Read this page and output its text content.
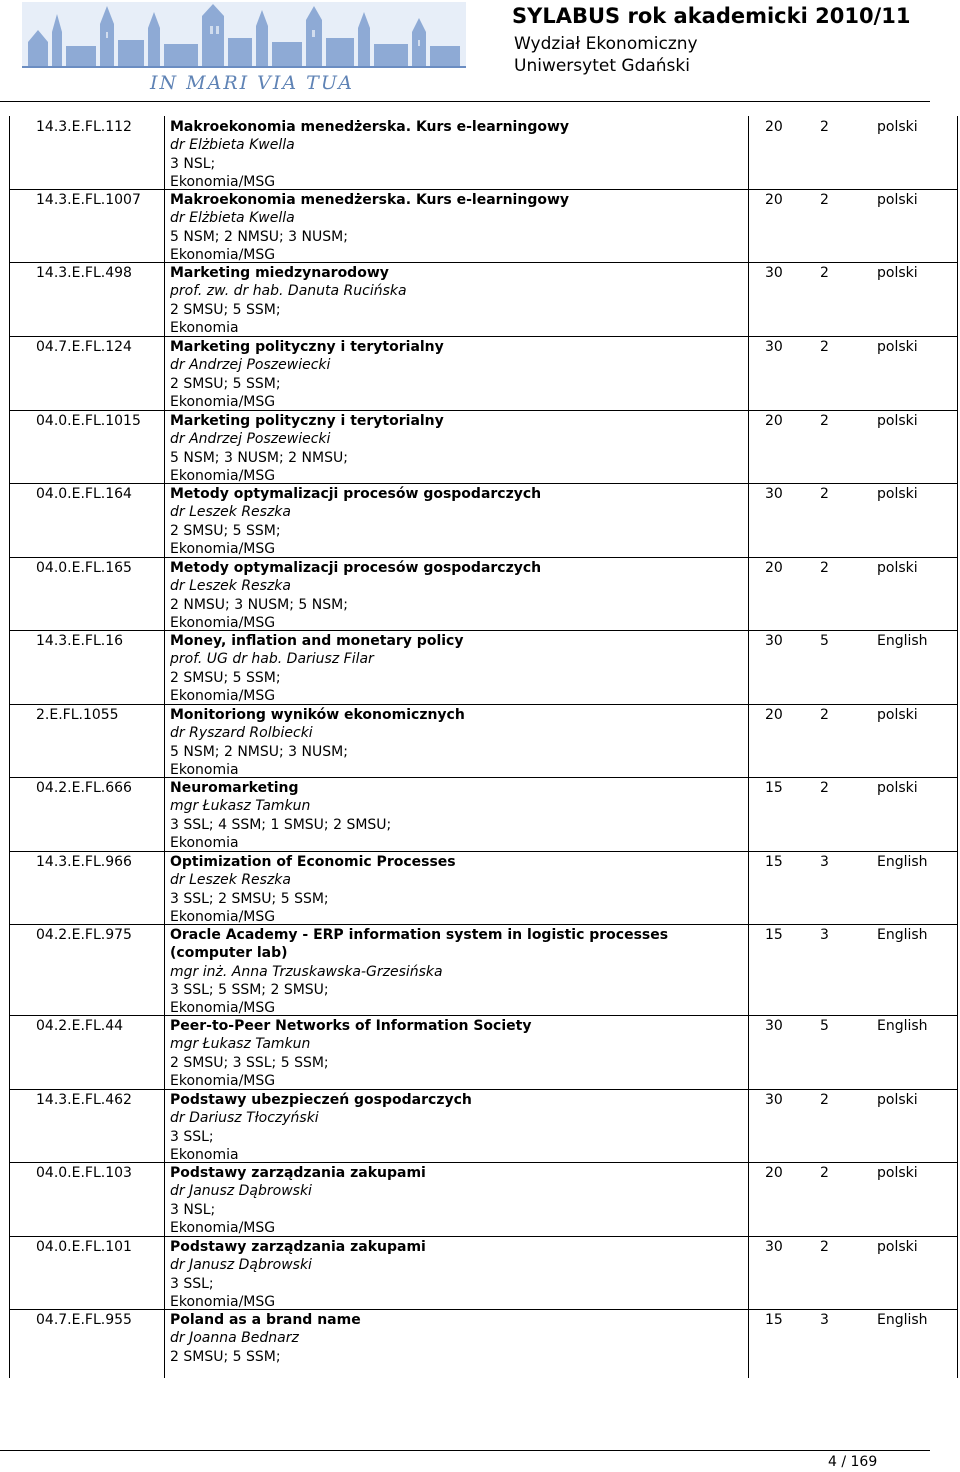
IN MARI VIA TUA
SYLABUS rok akademicki 2010/11
Wydział Ekonomiczny
Uniwersytet Gdański
14.3.E.FL.112	Makroekonomia menedżerska. Kurs e-learningowy
dr Elżbieta Kwella
3 NSL;
Ekonomia/MSG
20	2	polski
14.3.E.FL.1007 Makroekonomia menedżerska. Kurs e-learningowy
dr Elżbieta Kwella
5 NSM; 2 NMSU; 3 NUSM;
Ekonomia/MSG
20	2	polski
14.3.E.FL.498	Marketing miedzynarodowy
prof. zw. dr hab. Danuta Rucińska
2 SMSU; 5 SSM;
Ekonomia
30	2	polski
04.7.E.FL.124	Marketing polityczny i terytorialny
dr Andrzej Poszewiecki
2 SMSU; 5 SSM;
Ekonomia/MSG
30	2	polski
04.0.E.FL.1015 Marketing polityczny i terytorialny
dr Andrzej Poszewiecki
5 NSM; 3 NUSM; 2 NMSU;
Ekonomia/MSG
20	2	polski
04.0.E.FL.164	Metody optymalizacji procesów gospodarczych
dr Leszek Reszka
2 SMSU; 5 SSM;
Ekonomia/MSG
30	2	polski
04.0.E.FL.165	Metody optymalizacji procesów gospodarczych
dr Leszek Reszka
2 NMSU; 3 NUSM; 5 NSM;
Ekonomia/MSG
20	2	polski
14.3.E.FL.16	Money, inflation and monetary policy
prof. UG dr hab. Dariusz Filar
2 SMSU; 5 SSM;
Ekonomia/MSG
30	5	English
2.E.FL.1055	Monitoriong wyników ekonomicznych
dr Ryszard Rolbiecki
5 NSM; 2 NMSU; 3 NUSM;
Ekonomia
20	2	polski
04.2.E.FL.666	Neuromarketing
mgr Łukasz Tamkun
3 SSL; 4 SSM; 1 SMSU; 2 SMSU;
Ekonomia
15	2	polski
14.3.E.FL.966	Optimization of Economic Processes
dr Leszek Reszka
3 SSL; 2 SMSU; 5 SSM;
Ekonomia/MSG
15	3	English
04.2.E.FL.975	Oracle Academy - ERP information system in logistic processes
(computer lab)
mgr inż. Anna Trzuskawska-Grzesińska
3 SSL; 5 SSM; 2 SMSU;
Ekonomia/MSG
15	3	English
04.2.E.FL.44	Peer-to-Peer Networks of Information Society
mgr Łukasz Tamkun
2 SMSU; 3 SSL; 5 SSM;
Ekonomia/MSG
30	5	English
14.3.E.FL.462	Podstawy ubezpieczeń gospodarczych
dr Dariusz Tłoczyński
3 SSL;
Ekonomia
30	2	polski
04.0.E.FL.103	Podstawy zarządzania zakupami
dr Janusz Dąbrowski
3 NSL;
Ekonomia/MSG
20	2	polski
04.0.E.FL.101	Podstawy zarządzania zakupami
dr Janusz Dąbrowski
3 SSL;
Ekonomia/MSG
30	2	polski
04.7.E.FL.955	Poland as a brand name
dr Joanna Bednarz
2 SMSU; 5 SSM;
15	3	English
4 / 169
